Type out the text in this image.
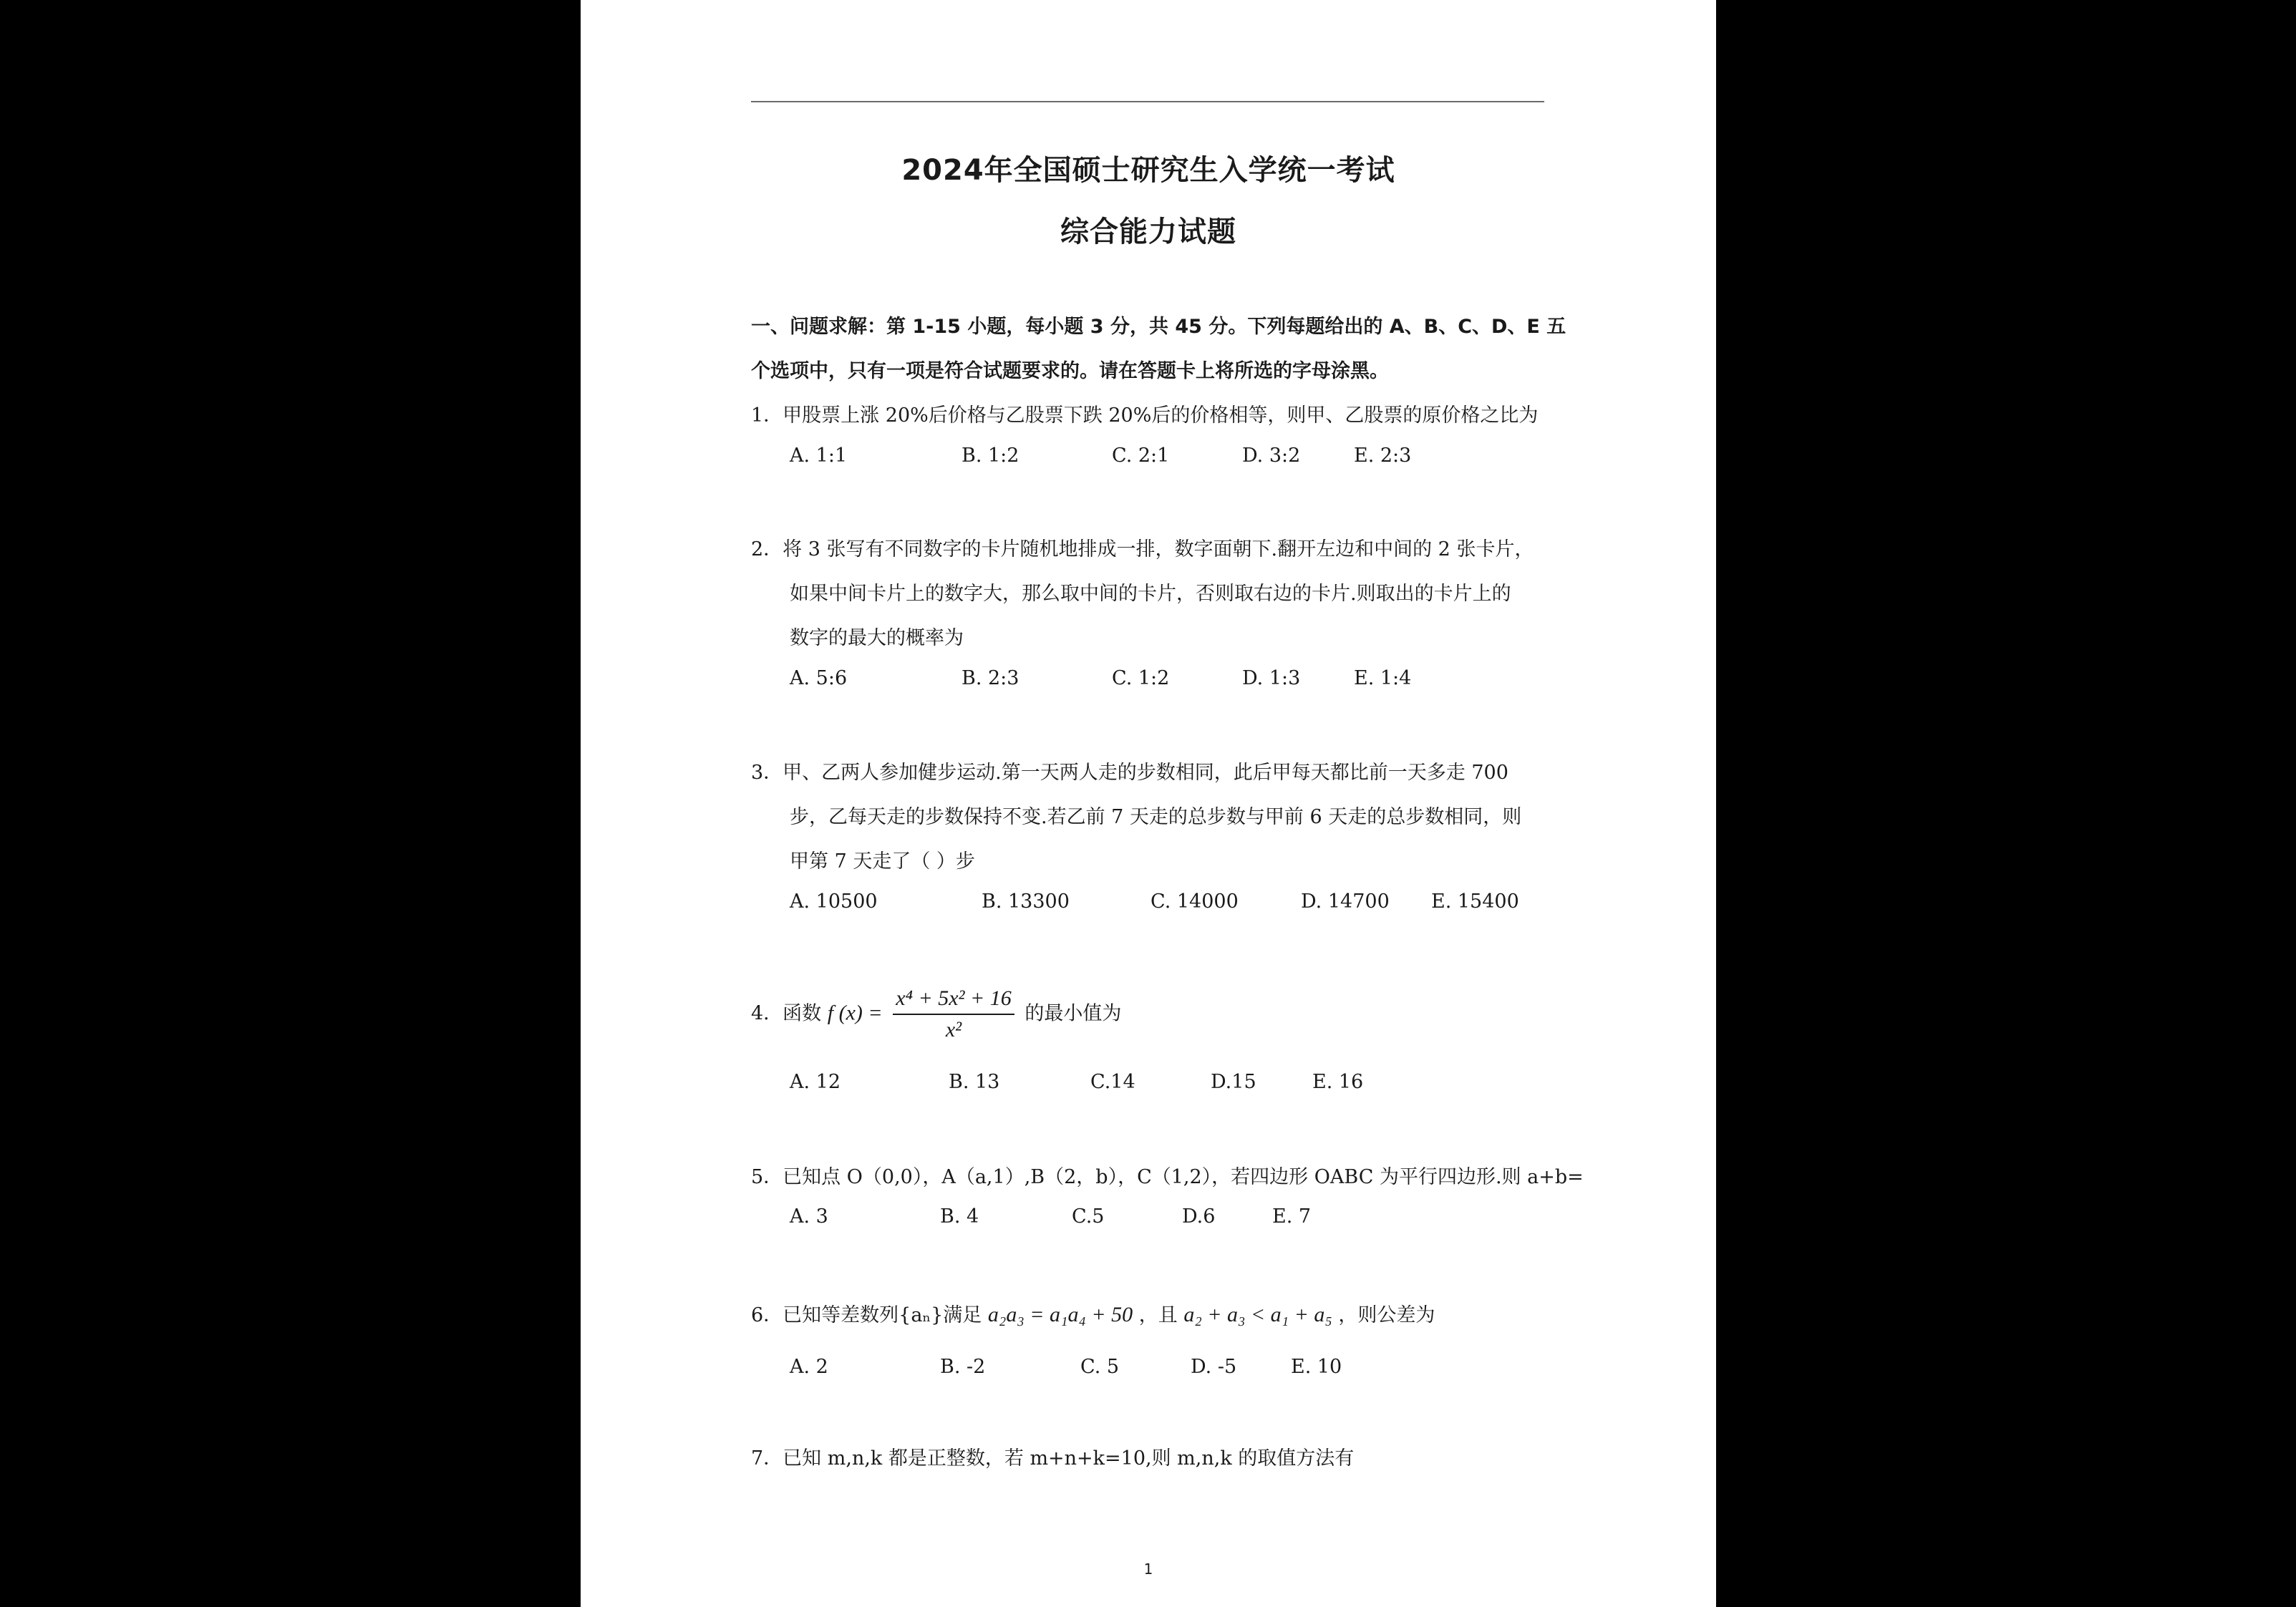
2024年全国硕士研究生入学统一考试
综合能力试题
一、问题求解：第 1-15 小题，每小题 3 分，共 45 分。下列每题给出的 A、B、C、D、E 五
个选项中，只有一项是符合试题要求的。请在答题卡上将所选的字母涂黑。
1．甲股票上涨 20%后价格与乙股票下跌 20%后的价格相等，则甲、乙股票的原价格之比为
A. 1:1	B. 1:2	C. 2:1	D. 3:2	E. 2:3
2．将 3 张写有不同数字的卡片随机地排成一排，数字面朝下.翻开左边和中间的 2 张卡片，
如果中间卡片上的数字大，那么取中间的卡片，否则取右边的卡片.则取出的卡片上的
数字的最大的概率为
A. 5:6	B. 2:3	C. 1:2	D. 1:3	E. 1:4
3．甲、乙两人参加健步运动.第一天两人走的步数相同，此后甲每天都比前一天多走 700
步，乙每天走的步数保持不变.若乙前 7 天走的总步数与甲前 6 天走的总步数相同，则
甲第 7 天走了（ ）步
A. 10500	B. 13300	C. 14000	D. 14700 E. 15400
4．函数 f $(x) = \frac{\text{x⁴ + 5x² + 16}}{\text{x²}}$ 的最小值为
A. 12	B. 13	C.14	D.15	E. 16
5．已知点 O（0,0），A（a,1）,B（2，b），C（1,2），若四边形 OABC 为平行四边形.则 a+b=
A. 3	B. 4	C.5	D.6	E. 7
6．已知等差数列{aₙ}满足 a₂a₃ = a₁a₄ + 50 ，且 a₂ + a₃ < a₁ + a₅ ，则公差为
A. 2	B. -2	C. 5	D. -5	E. 10
7．已知 m,n,k 都是正整数，若 m+n+k=10,则 m,n,k 的取值方法有
1
